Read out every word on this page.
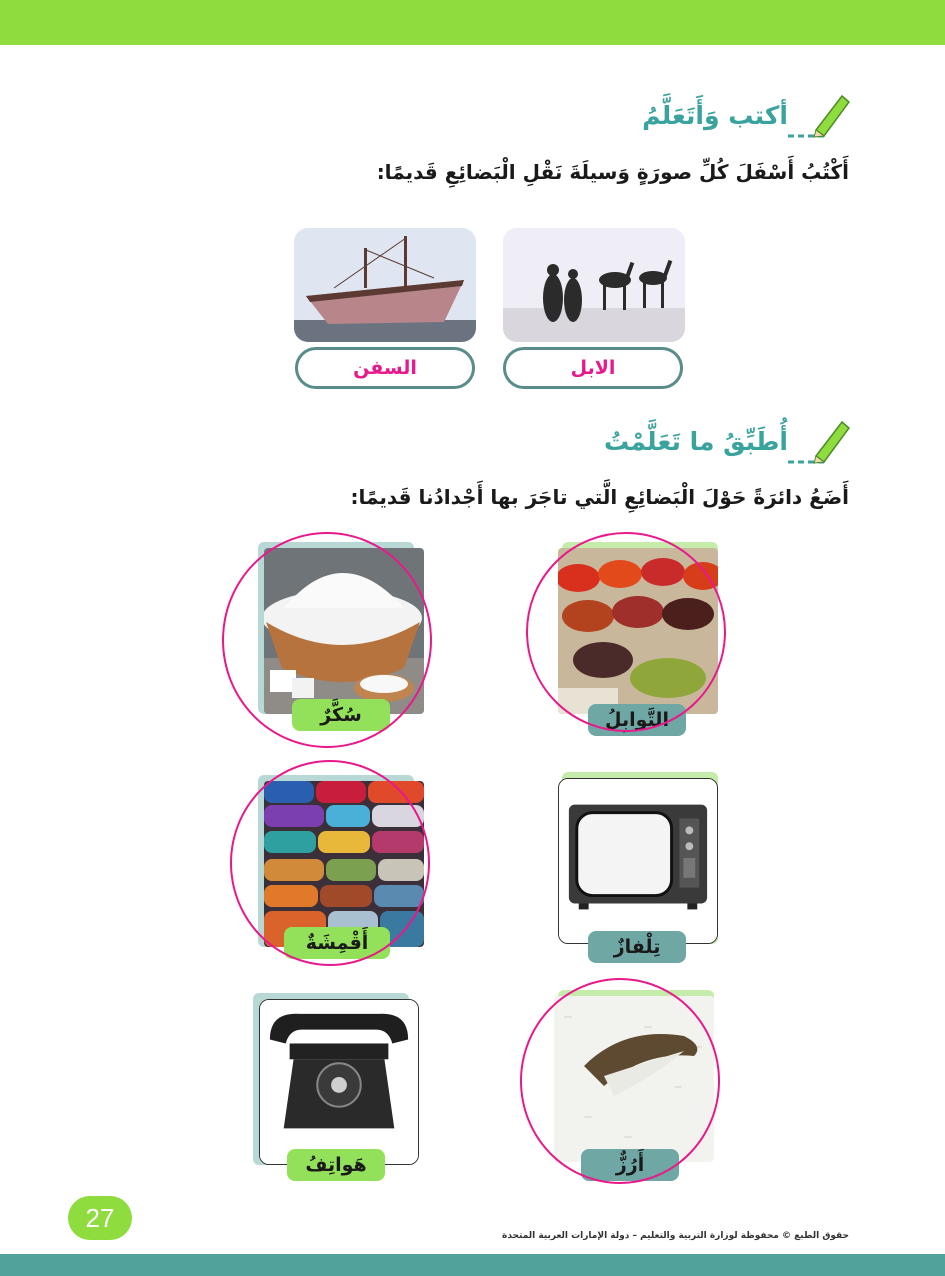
أكتب وَأَتَعَلَّمُ
أَكْتُبُ أَسْفَلَ كُلِّ صورَةٍ وَسيلَةَ نَقْلِ الْبَضائِعِ قَديمًا:
الابل
السفن
أُطَبِّقُ ما تَعَلَّمْتُ
أَضَعُ دائرَةً حَوْلَ الْبَضائِعِ الَّتي تاجَرَ بها أَجْدادُنا قَديمًا:
التَّوابِلُ
سُكَّرٌ
تِلْفازٌ
أَقْمِشَةٌ
أَرُزٌّ
هَواتِفُ
27
حقوق الطبع © محفوظة لوزارة التربية والتعليم – دولة الإمارات العربية المتحدة
